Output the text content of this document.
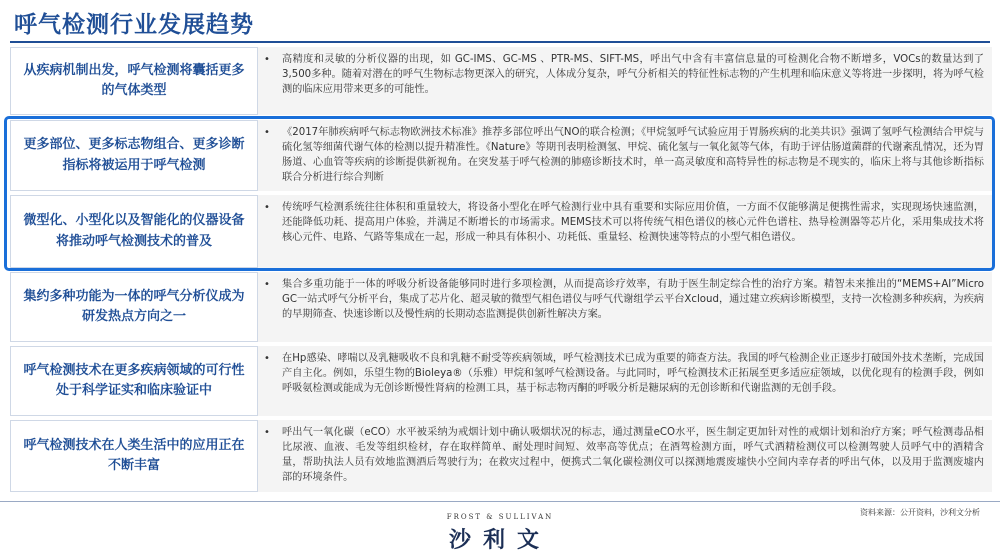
呼气检测行业发展趋势
从疾病机制出发，呼气检测将囊括更多的气体类型
•	高精度和灵敏的分析仪器的出现，如 GC-IMS、GC-MS 、PTR-MS、SIFT-MS，呼出气中含有丰富信息量的可检测化合物不断增多，VOCs的数量达到了3,500多种。随着对潜在的呼气生物标志物更深入的研究，人体成分复杂，呼气分析相关的特征性标志物的产生机理和临床意义等将进一步探明，将为呼气检测的临床应用带来更多的可能性。

更多部位、更多标志物组合、更多诊断指标将被运用于呼气检测
•	《2017年肺疾病呼气标志物欧洲技术标准》推荐多部位呼出气NO的联合检测；《甲烷氢呼气试验应用于胃肠疾病的北美共识》强调了氢呼气检测结合甲烷与硫化氢等细菌代谢气体的检测以提升精准性。《Nature》等期刊表明检测氢、甲烷、硫化氢与一氧化氮等气体，有助于评估肠道菌群的代谢紊乱情况，还为胃肠道、心血管等疾病的诊断提供新视角。在突发基于呼气检测的肺癌诊断技术时，单一高灵敏度和高特异性的标志物是不现实的，临床上将与其他诊断指标联合分析进行综合判断

微型化、小型化以及智能化的仪器设备将推动呼气检测技术的普及
•	传统呼气检测系统往往体积和重量较大，将设备小型化在呼气检测行业中具有重要和实际应用价值，一方面不仅能够满足便携性需求，实现现场快速监测，还能降低功耗、提高用户体验，并满足不断增长的市场需求。MEMS技术可以将传统气相色谱仪的核心元件色谱柱、热导检测器等芯片化，采用集成技术将核心元件、电路、气路等集成在一起，形成一种具有体积小、功耗低、重量轻、检测快速等特点的小型气相色谱仪。

集约多种功能为一体的呼气分析仪成为研发热点方向之一
•	集合多重功能于一体的呼吸分析设备能够同时进行多项检测，从而提高诊疗效率，有助于医生制定综合性的治疗方案。精智未来推出的“MEMS+AI”Micro GC一站式呼气分析平台，集成了芯片化、超灵敏的微型气相色谱仪与呼气代谢组学云平台Xcloud，通过建立疾病诊断模型，支持一次检测多种疾病，为疾病的早期筛查、快速诊断以及慢性病的长期动态监测提供创新性解决方案。

呼气检测技术在更多疾病领域的可行性处于科学证实和临床验证中
•	在Hp感染、哮喘以及乳糖吸收不良和乳糖不耐受等疾病领域，呼气检测技术已成为重要的筛查方法。我国的呼气检测企业正逐步打破国外技术垄断，完成国产自主化。例如，乐望生物的Bioleya®（乐雅）甲烷和氢呼气检测设备。与此同时，呼气检测技术正拓展至更多适应症领域，以优化现有的检测手段，例如呼吸氨检测或能成为无创诊断慢性肾病的检测工具，基于标志物丙酮的呼吸分析是糖尿病的无创诊断和代谢监测的无创手段。

呼气检测技术在人类生活中的应用正在不断丰富
•	呼出气一氧化碳（eCO）水平被采纳为戒烟计划中确认吸烟状况的标志，通过测量eCO水平，医生制定更加针对性的戒烟计划和治疗方案；呼气检测毒品相比尿液、血液、毛发等组织检材，存在取样简单、耐处理时间短、效率高等优点；在酒驾检测方面，呼气式酒精检测仪可以检测驾驶人员呼气中的酒精含量，帮助执法人员有效地监测酒后驾驶行为；在救灾过程中，便携式二氧化碳检测仪可以探测地震废墟快小空间内幸存者的呼出气体，以及用于监测废墟内部的环境条件。

资料来源：公开资料，沙利文分析
FROST & SULLIVAN
沙利文
